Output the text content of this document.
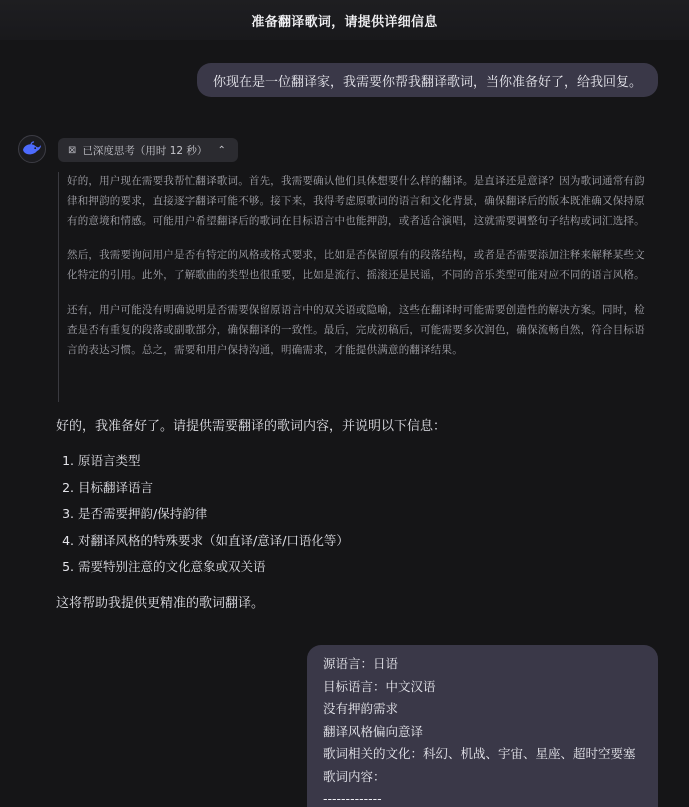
准备翻译歌词，请提供详细信息
你现在是一位翻译家，我需要你帮我翻译歌词，当你准备好了，给我回复。
⊠ 已深度思考（用时 12 秒） ⌃

好的，用户现在需要我帮忙翻译歌词。首先，我需要确认他们具体想要什么样的翻译。是直译还是意译？因为歌词通常有韵律和押韵的要求，直接逐字翻译可能不够。接下来，我得考虑原歌词的语言和文化背景，确保翻译后的版本既准确又保持原有的意境和情感。可能用户希望翻译后的歌词在目标语言中也能押韵，或者适合演唱，这就需要调整句子结构或词汇选择。

然后，我需要询问用户是否有特定的风格或格式要求，比如是否保留原有的段落结构，或者是否需要添加注释来解释某些文化特定的引用。此外，了解歌曲的类型也很重要，比如是流行、摇滚还是民谣，不同的音乐类型可能对应不同的语言风格。

还有，用户可能没有明确说明是否需要保留原语言中的双关语或隐喻，这些在翻译时可能需要创造性的解决方案。同时，检查是否有重复的段落或副歌部分，确保翻译的一致性。最后，完成初稿后，可能需要多次润色，确保流畅自然，符合目标语言的表达习惯。总之，需要和用户保持沟通，明确需求，才能提供满意的翻译结果。

好的，我准备好了。请提供需要翻译的歌词内容，并说明以下信息：
1. 原语言类型
2. 目标翻译语言
3. 是否需要押韵/保持韵律
4. 对翻译风格的特殊要求（如直译/意译/口语化等）
5. 需要特别注意的文化意象或双关语
这将帮助我提供更精准的歌词翻译。
源语言：日语
目标语言：中文汉语
没有押韵需求
翻译风格偏向意译
歌词相关的文化：科幻、机战、宇宙、星座、超时空要塞
歌词内容：
-------------
